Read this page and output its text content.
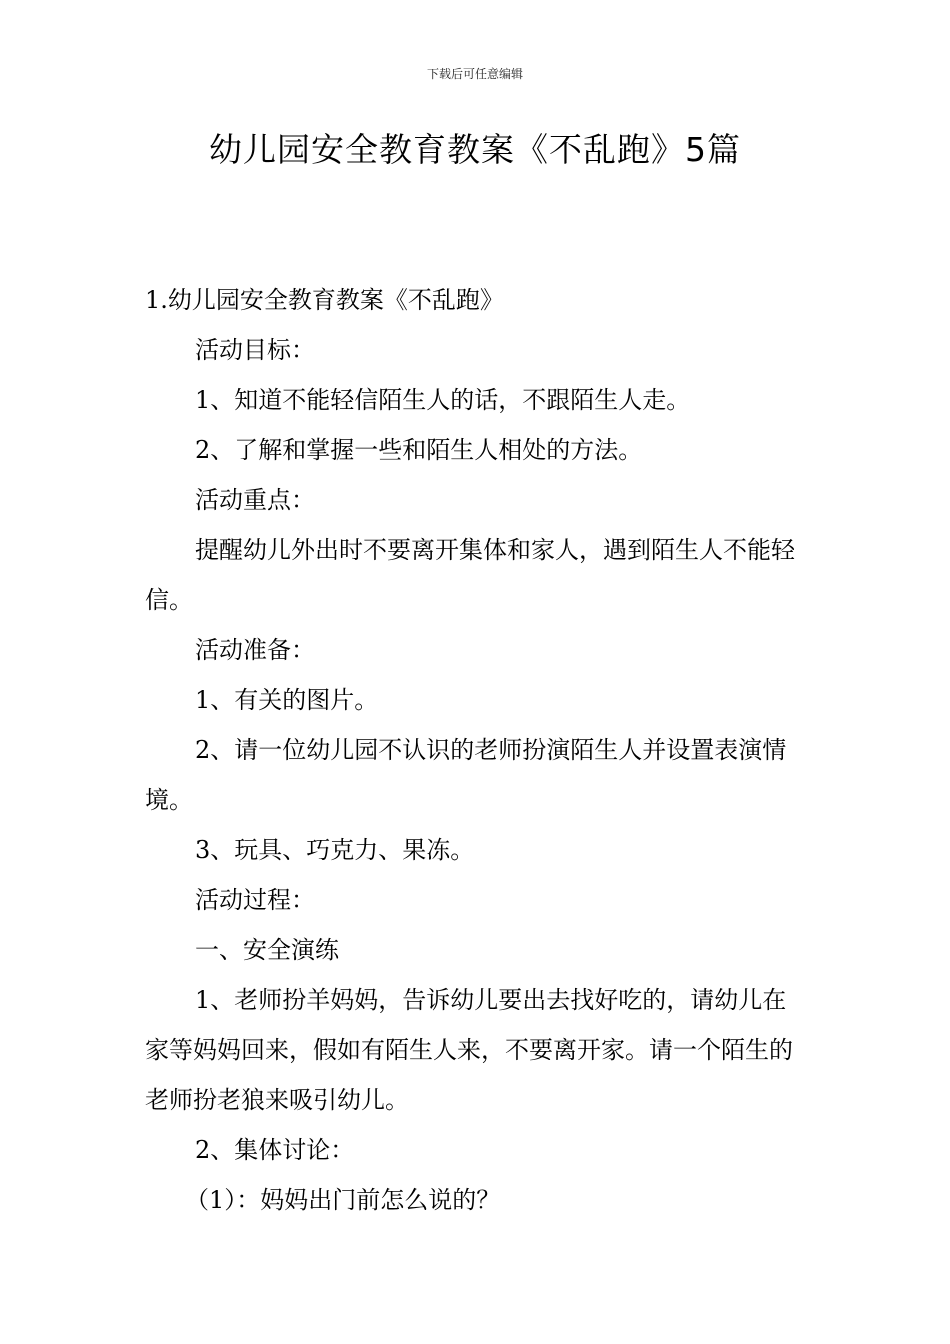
下载后可任意编辑
幼儿园安全教育教案《不乱跑》5篇

1.幼儿园安全教育教案《不乱跑》

活动目标：

1、知道不能轻信陌生人的话，不跟陌生人走。

2、了解和掌握一些和陌生人相处的方法。

活动重点：

提醒幼儿外出时不要离开集体和家人，遇到陌生人不能轻信。

活动准备：

1、有关的图片。

2、请一位幼儿园不认识的老师扮演陌生人并设置表演情境。

3、玩具、巧克力、果冻。

活动过程：

一、安全演练

1、老师扮羊妈妈，告诉幼儿要出去找好吃的，请幼儿在家等妈妈回来，假如有陌生人来，不要离开家。请一个陌生的老师扮老狼来吸引幼儿。

2、集体讨论：

（1）：妈妈出门前怎么说的？
